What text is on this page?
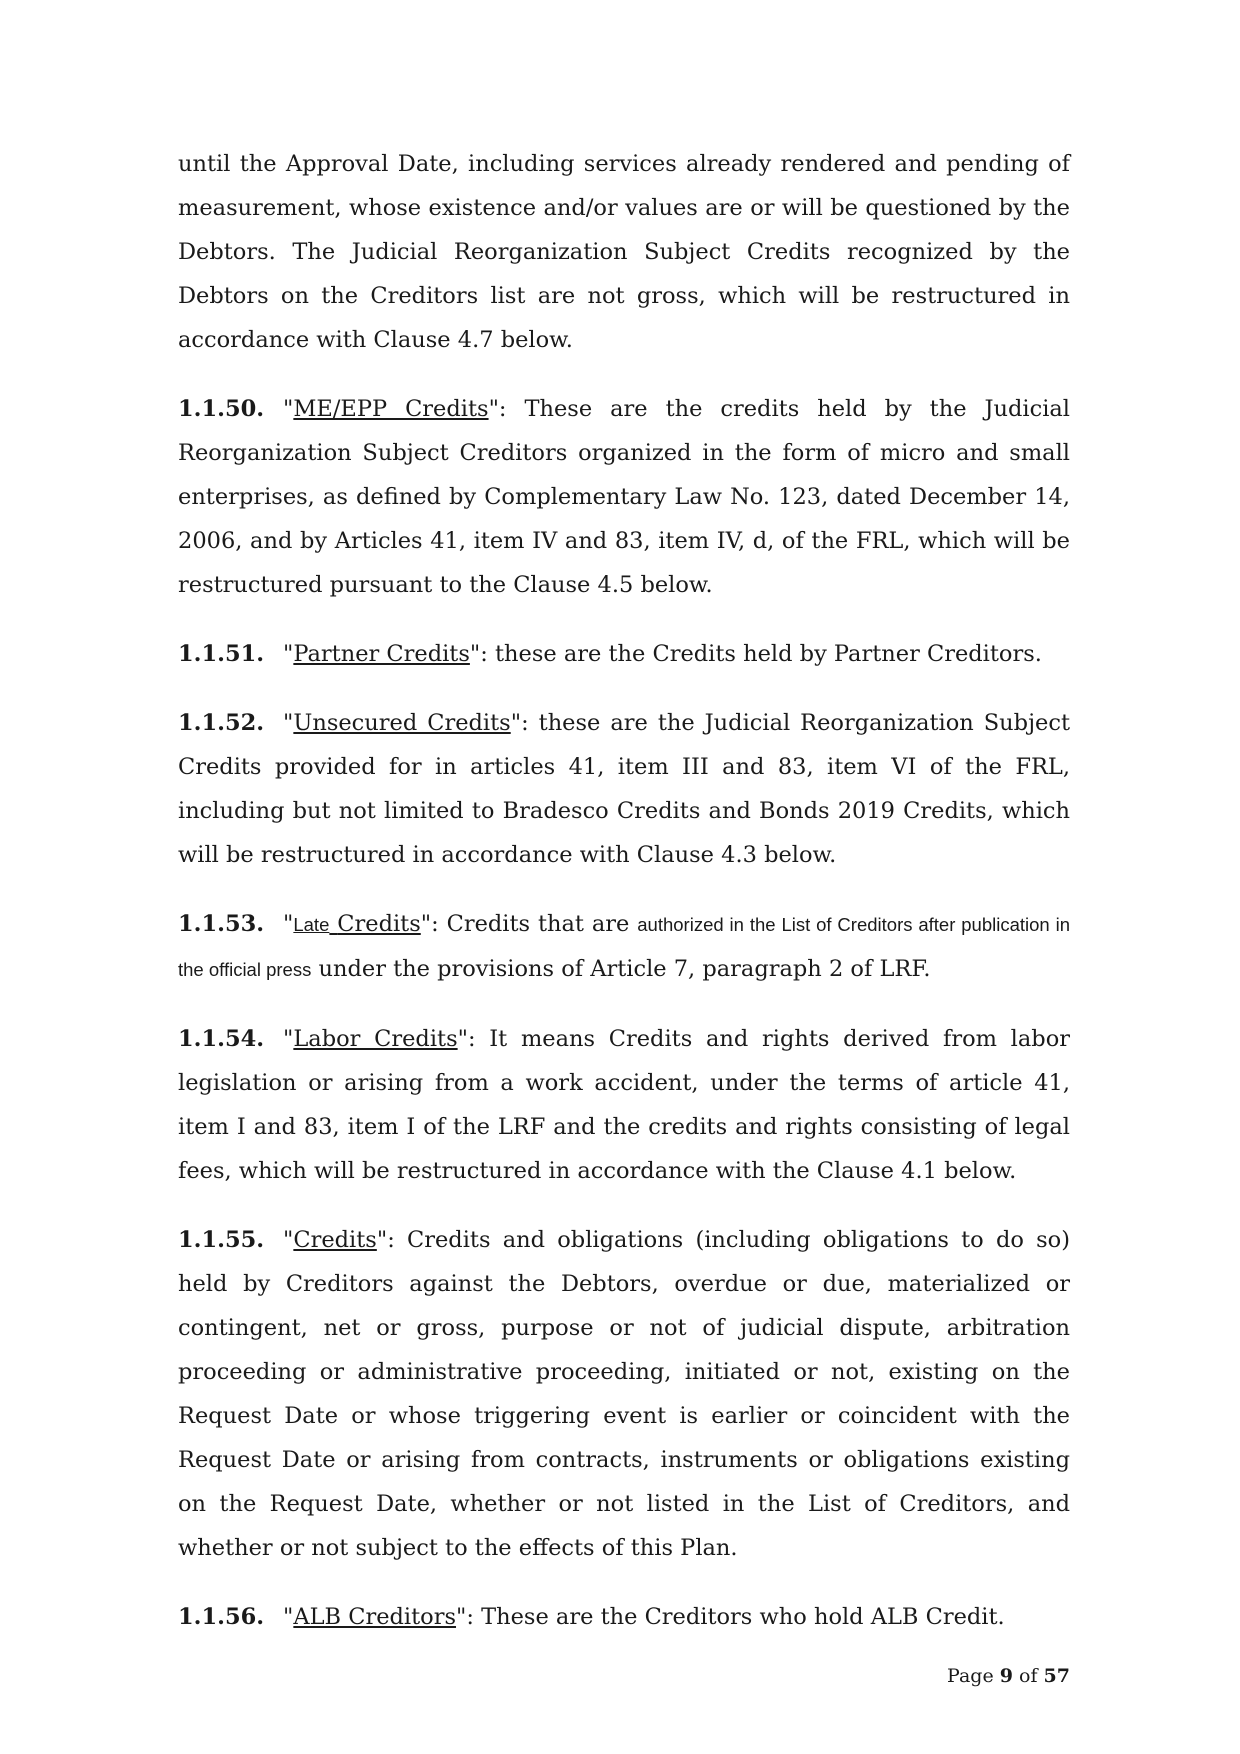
until the Approval Date, including services already rendered and pending of measurement, whose existence and/or values are or will be questioned by the Debtors. The Judicial Reorganization Subject Credits recognized by the Debtors on the Creditors list are not gross, which will be restructured in accordance with Clause 4.7 below.

1.1.50. "ME/EPP Credits": These are the credits held by the Judicial Reorganization Subject Creditors organized in the form of micro and small enterprises, as defined by Complementary Law No. 123, dated December 14, 2006, and by Articles 41, item IV and 83, item IV, d, of the FRL, which will be restructured pursuant to the Clause 4.5 below.

1.1.51. "Partner Credits": these are the Credits held by Partner Creditors.

1.1.52. "Unsecured Credits": these are the Judicial Reorganization Subject Credits provided for in articles 41, item III and 83, item VI of the FRL, including but not limited to Bradesco Credits and Bonds 2019 Credits, which will be restructured in accordance with Clause 4.3 below.

1.1.53. "Late Credits": Credits that are authorized in the List of Creditors after publication in the official press under the provisions of Article 7, paragraph 2 of LRF.

1.1.54. "Labor Credits": It means Credits and rights derived from labor legislation or arising from a work accident, under the terms of article 41, item I and 83, item I of the LRF and the credits and rights consisting of legal fees, which will be restructured in accordance with the Clause 4.1 below.

1.1.55. "Credits": Credits and obligations (including obligations to do so) held by Creditors against the Debtors, overdue or due, materialized or contingent, net or gross, purpose or not of judicial dispute, arbitration proceeding or administrative proceeding, initiated or not, existing on the Request Date or whose triggering event is earlier or coincident with the Request Date or arising from contracts, instruments or obligations existing on the Request Date, whether or not listed in the List of Creditors, and whether or not subject to the effects of this Plan.

1.1.56. "ALB Creditors": These are the Creditors who hold ALB Credit.

Page 9 of 57
